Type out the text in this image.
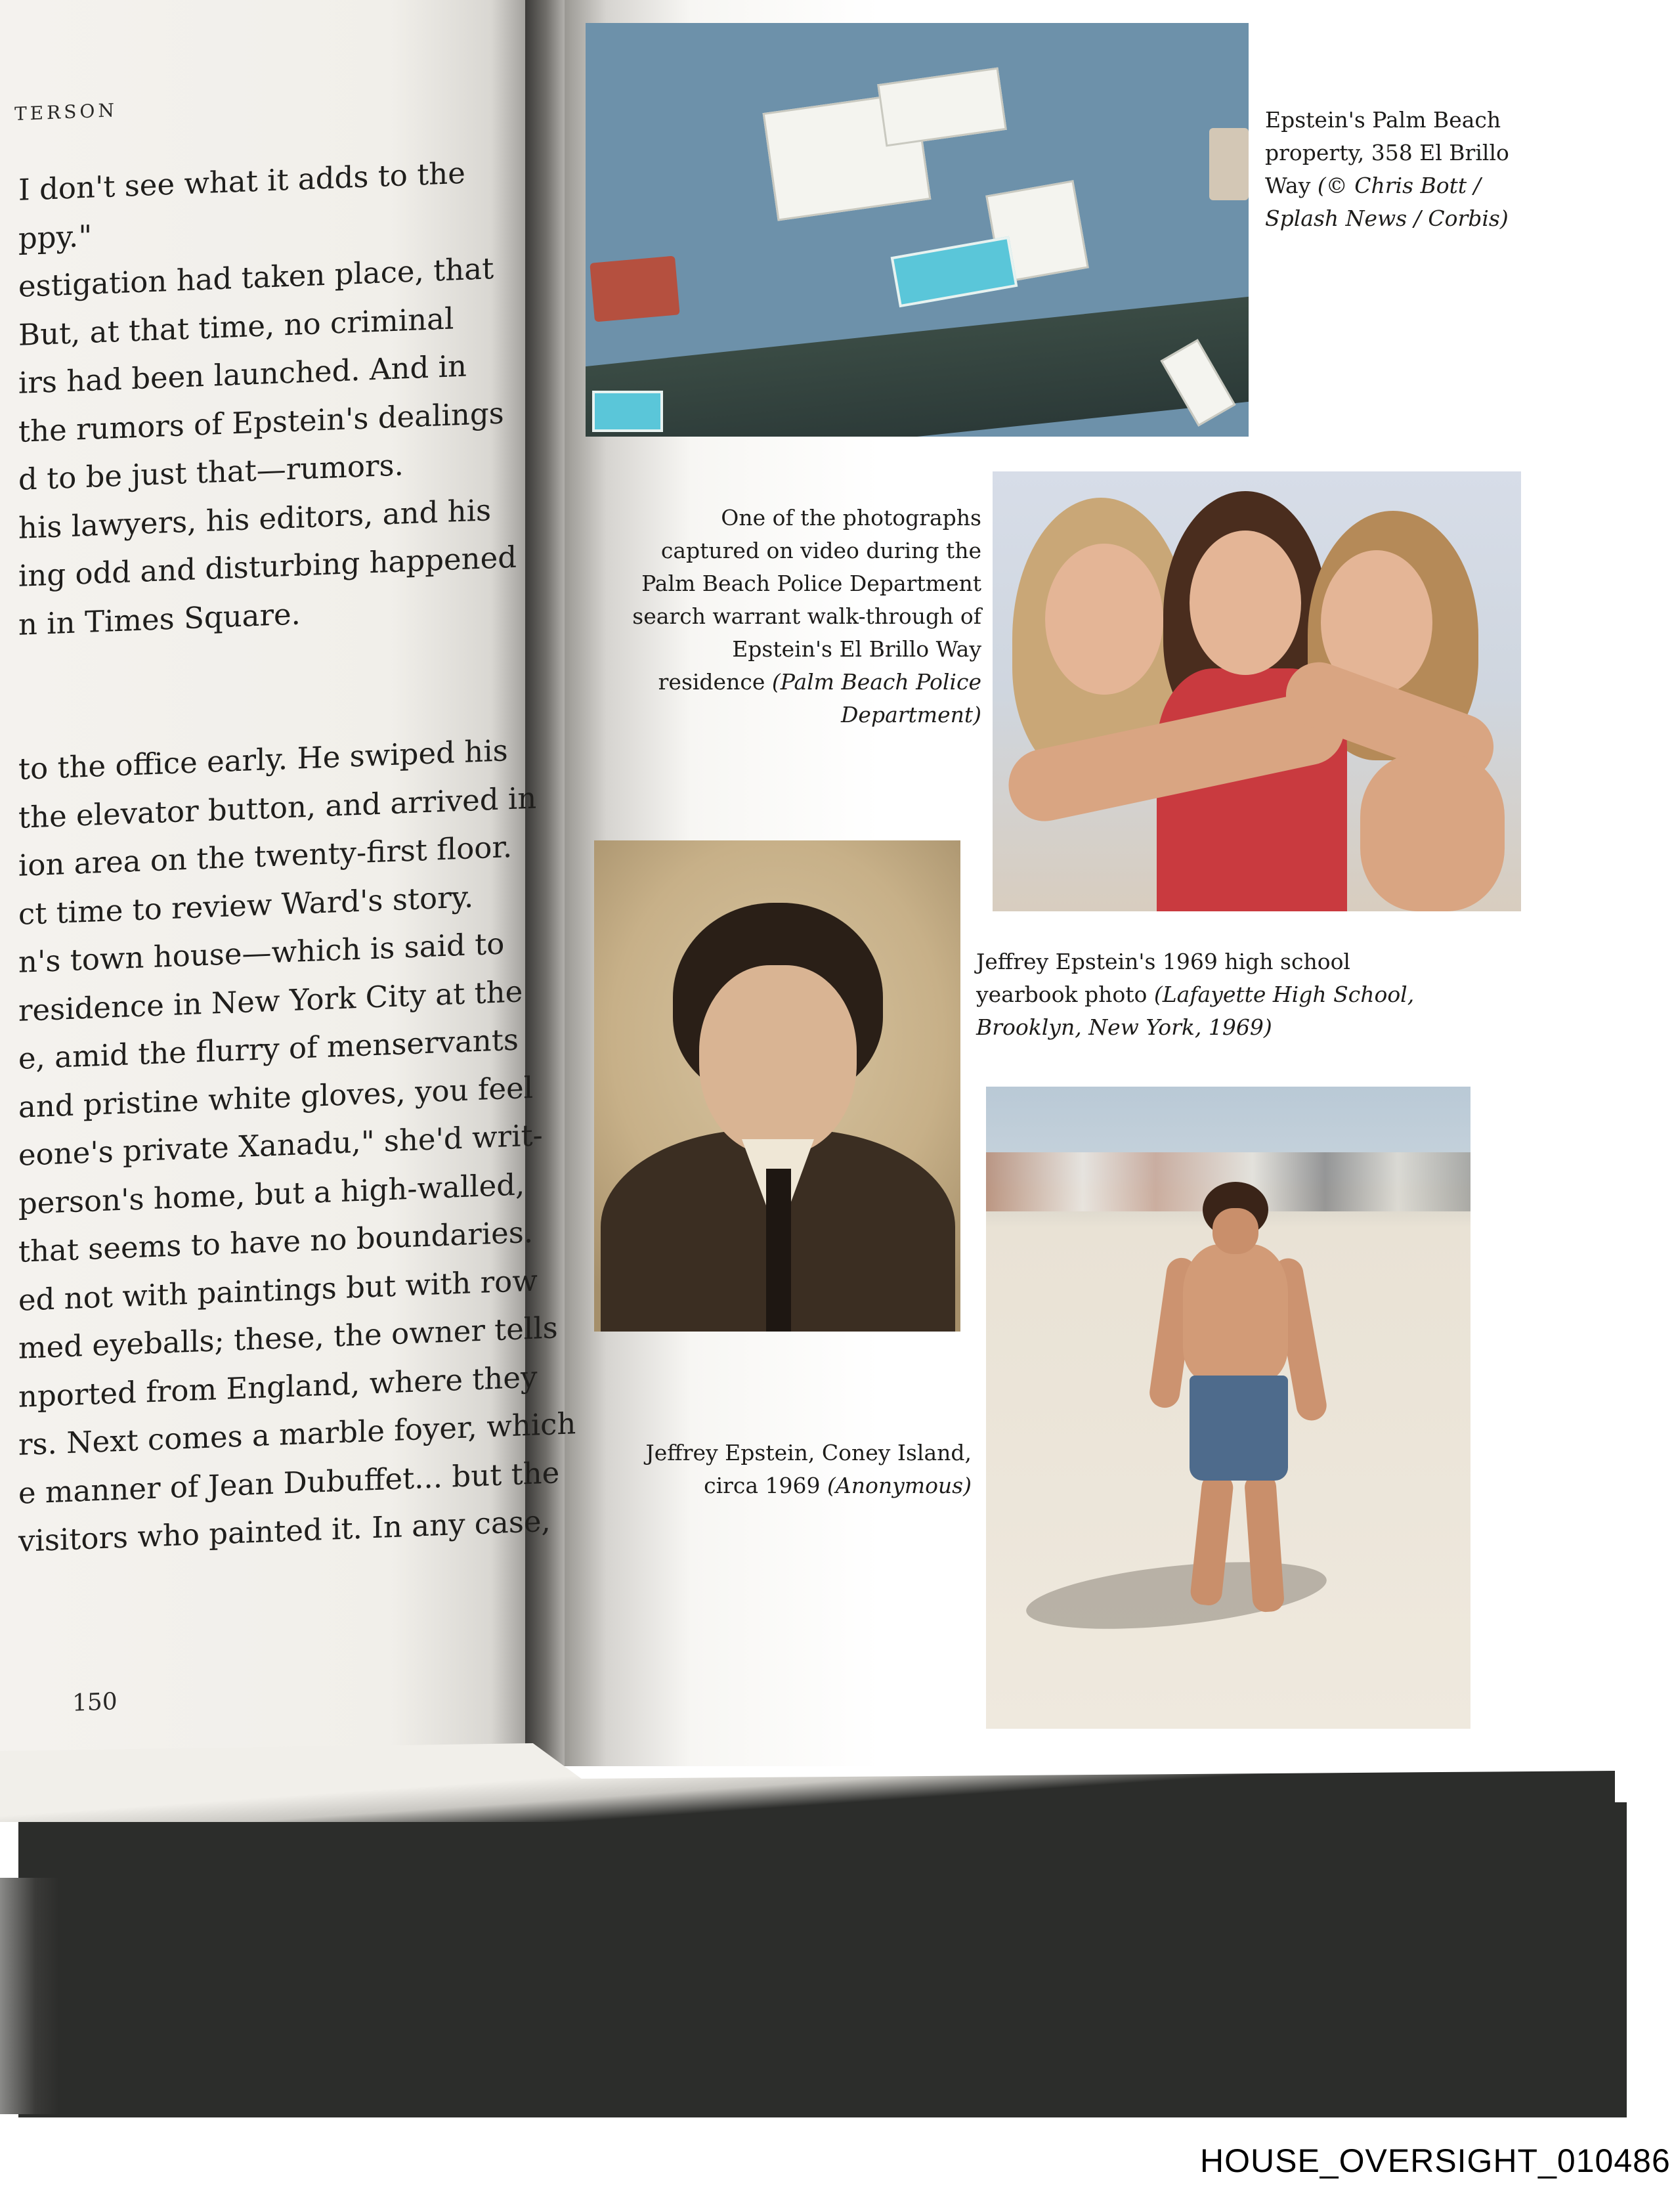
TERSON
I don't see what it adds to the
ppy."
estigation had taken place, that
But, at that time, no criminal
irs had been launched. And in
the rumors of Epstein's dealings
d to be just that—rumors.
his lawyers, his editors, and his
ing odd and disturbing happened
n in Times Square.
to the office early. He swiped his
the elevator button, and arrived in
ion area on the twenty-first floor.
ct time to review Ward's story.
n's town house—which is said to
residence in New York City at the
e, amid the flurry of menservants
and pristine white gloves, you feel
eone's private Xanadu," she'd writ-
person's home, but a high-walled,
that seems to have no boundaries.
ed not with paintings but with row
med eyeballs; these, the owner tells
nported from England, where they
rs. Next comes a marble foyer, which
e manner of Jean Dubuffet... but the
visitors who painted it. In any case,
150
Epstein's Palm Beach property, 358 El Brillo Way (© Chris Bott / Splash News / Corbis)
One of the photographs captured on video during the Palm Beach Police Department search warrant walk-through of Epstein's El Brillo Way residence (Palm Beach Police Department)
Jeffrey Epstein's 1969 high school yearbook photo (Lafayette High School, Brooklyn, New York, 1969)
Jeffrey Epstein, Coney Island, circa 1969 (Anonymous)
HOUSE_OVERSIGHT_010486
